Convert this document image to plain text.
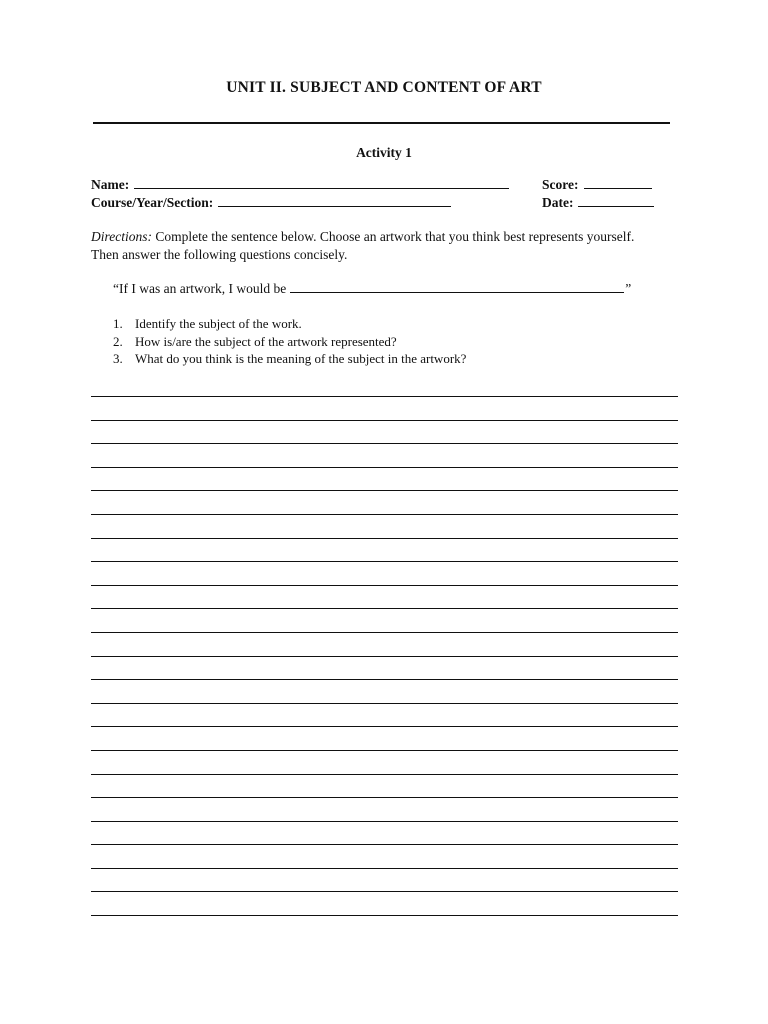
UNIT II. SUBJECT AND CONTENT OF ART
Activity 1
Name:	Score:
Course/Year/Section:	Date:
Directions: Complete the sentence below. Choose an artwork that you think best represents yourself. Then answer the following questions concisely.
“If I was an artwork, I would be	”
1. Identify the subject of the work.
2. How is/are the subject of the artwork represented?
3. What do you think is the meaning of the subject in the artwork?
